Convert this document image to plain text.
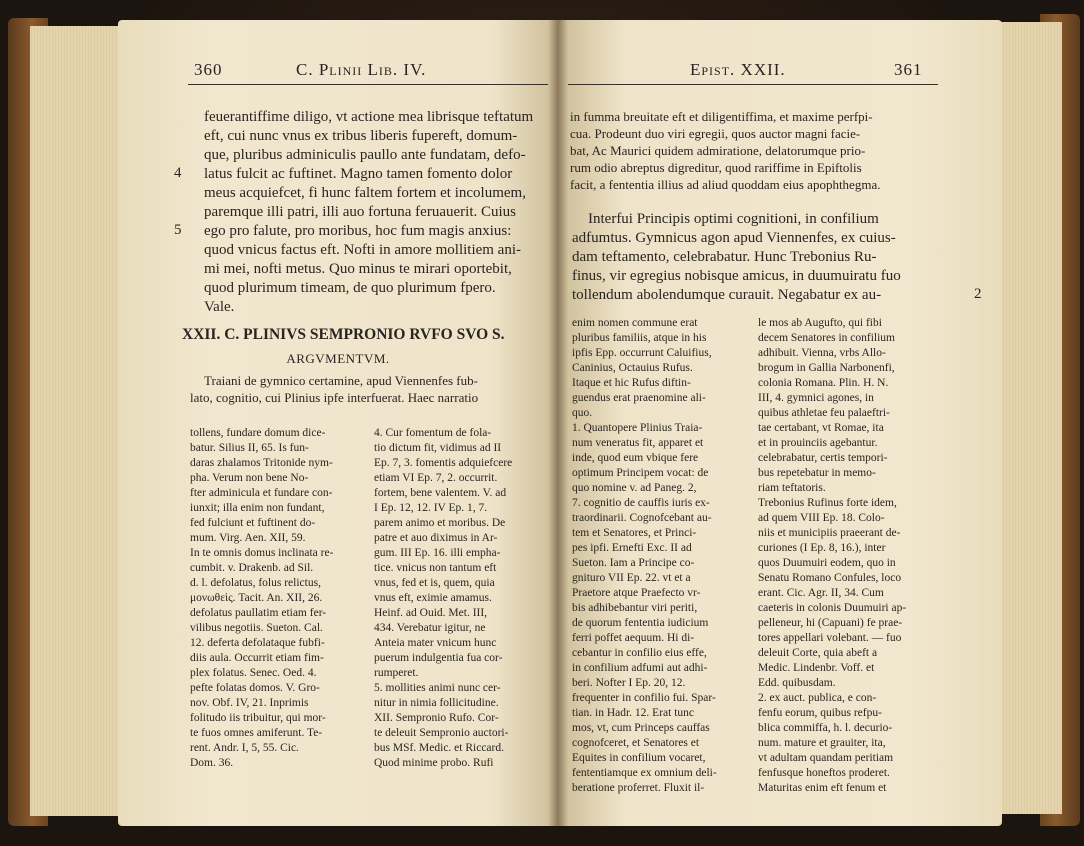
360	C. Plinii Lib. IV.
feuerantiffime diligo, vt actione mea librisque teftatum
eft, cui nunc vnus ex tribus liberis fupereft, domum-
que, pluribus adminiculis paullo ante fundatam, defo-
latus fulcit ac fuftinet. Magno tamen fomento dolor
meus acquiefcet, fi hunc faltem fortem et incolumem,
paremque illi patri, illi auo fortuna feruauerit. Cuius
ego pro falute, pro moribus, hoc fum magis anxius:
quod vnicus factus eft. Nofti in amore mollitiem ani-
mi mei, nofti metus. Quo minus te mirari oportebit,
quod plurimum timeam, de quo plurimum fpero.
Vale.
4
5
XXII. C. PLINIVS SEMPRONIO RVFO SVO S.
ARGVMENTVM.
Traiani de gymnico certamine, apud Viennenfes fub-
lato, cognitio, cui Plinius ipfe interfuerat. Haec narratio
tollens, fundare domum dice-
batur. Silius II, 65. Is fun-
daras zhalamos Tritonide nym-
pha. Verum non bene No-
fter adminicula et fundare con-
iunxit; illa enim non fundant,
fed fulciunt et fuftinent do-
mum. Virg. Aen. XII, 59.
In te omnis domus inclinata re-
cumbit. v. Drakenb. ad Sil.
d. l. defolatus, folus relictus,
μονωθεὶς. Tacit. An. XII, 26.
defolatus paullatim etiam fer-
vilibus negotiis. Sueton. Cal.
12. deferta defolataque fubfi-
diis aula. Occurrit etiam fim-
plex folatus. Senec. Oed. 4.
pefte folatas domos. V. Gro-
nov. Obf. IV, 21. Inprimis
folitudo iis tribuitur, qui mor-
te fuos omnes amiferunt. Te-
rent. Andr. I, 5, 55. Cic.
Dom. 36.
4. Cur fomentum de fola-
tio dictum fit, vidimus ad II
Ep. 7, 3. fomentis adquiefcere
etiam VI Ep. 7, 2. occurrit.
fortem, bene valentem. V. ad
I Ep. 12, 12. IV Ep. 1, 7.
parem animo et moribus. De
patre et auo diximus in Ar-
gum. III Ep. 16. illi empha-
tice. vnicus non tantum eft
vnus, fed et is, quem, quia
vnus eft, eximie amamus.
Heinf. ad Ouid. Met. III,
434. Verebatur igitur, ne
Anteia mater vnicum hunc
puerum indulgentia fua cor-
rumperet.
5. mollities animi nunc cer-
nitur in nimia follicitudine.
XII. Sempronio Rufo. Cor-
te deleuit Sempronio auctori-
bus MSf. Medic. et Riccard.
Quod minime probo. Rufi
Epist. XXII.	361
in fumma breuitate eft et diligentiffima, et maxime perfpi-
cua. Prodeunt duo viri egregii, quos auctor magni facie-
bat, Ac Maurici quidem admiratione, delatorumque prio-
rum odio abreptus digreditur, quod rariffime in Epiftolis
facit, a fententia illius ad aliud quoddam eius apophthegma.
Interfui Principis optimi cognitioni, in confilium
adfumtus. Gymnicus agon apud Viennenfes, ex cuius-
dam teftamento, celebrabatur. Hunc Trebonius Ru-
finus, vir egregius nobisque amicus, in duumuiratu fuo
tollendum abolendumque curauit. Negabatur ex au-	2
enim nomen commune erat
pluribus familiis, atque in his
ipfis Epp. occurrunt Caluifius,
Caninius, Octauius Rufus.
Itaque et hic Rufus diftin-
guendus erat praenomine ali-
quo.
1. Quantopere Plinius Traia-
num veneratus fit, apparet et
inde, quod eum vbique fere
optimum Principem vocat: de
quo nomine v. ad Paneg. 2,
7. cognitio de cauffis iuris ex-
traordinarii. Cognofcebant au-
tem et Senatores, et Princi-
pes ipfi. Ernefti Exc. II ad
Sueton. Iam a Principe co-
gnituro VII Ep. 22. vt et a
Praetore atque Praefecto vr-
bis adhibebantur viri periti,
de quorum fententia iudicium
ferri poffet aequum. Hi di-
cebantur in confilio eius effe,
in confilium adfumi aut adhi-
beri. Nofter I Ep. 20, 12.
frequenter in confilio fui. Spar-
tian. in Hadr. 12. Erat tunc
mos, vt, cum Princeps cauffas
cognofceret, et Senatores et
Equites in confilium vocaret,
fententiamque ex omnium deli-
beratione proferret. Fluxit il-
le mos ab Augufto, qui fibi
decem Senatores in confilium
adhibuit. Vienna, vrbs Allo-
brogum in Gallia Narbonenfi,
colonia Romana. Plin. H. N.
III, 4. gymnici agones, in
quibus athletae feu palaeftri-
tae certabant, vt Romae, ita
et in prouinciis agebantur.
celebrabatur, certis tempori-
bus repetebatur in memo-
riam teftatoris.
Trebonius Rufinus forte idem,
ad quem VIII Ep. 18. Colo-
niis et municipiis praeerant de-
curiones (I Ep. 8, 16.), inter
quos Duumuiri eodem, quo in
Senatu Romano Confules, loco
erant. Cic. Agr. II, 34. Cum
caeteris in colonis Duumuiri ap-
pelleneur, hi (Capuani) fe prae-
tores appellari volebant. — fuo
deleuit Corte, quia abeft a
Medic. Lindenbr. Voff. et
Edd. quibusdam.
2. ex auct. publica, e con-
fenfu eorum, quibus refpu-
blica commiffa, h. l. decurio-
num. mature et grauiter, ita,
vt adultam quandam peritiam
fenfusque honeftos proderet.
Maturitas enim eft fenum et
